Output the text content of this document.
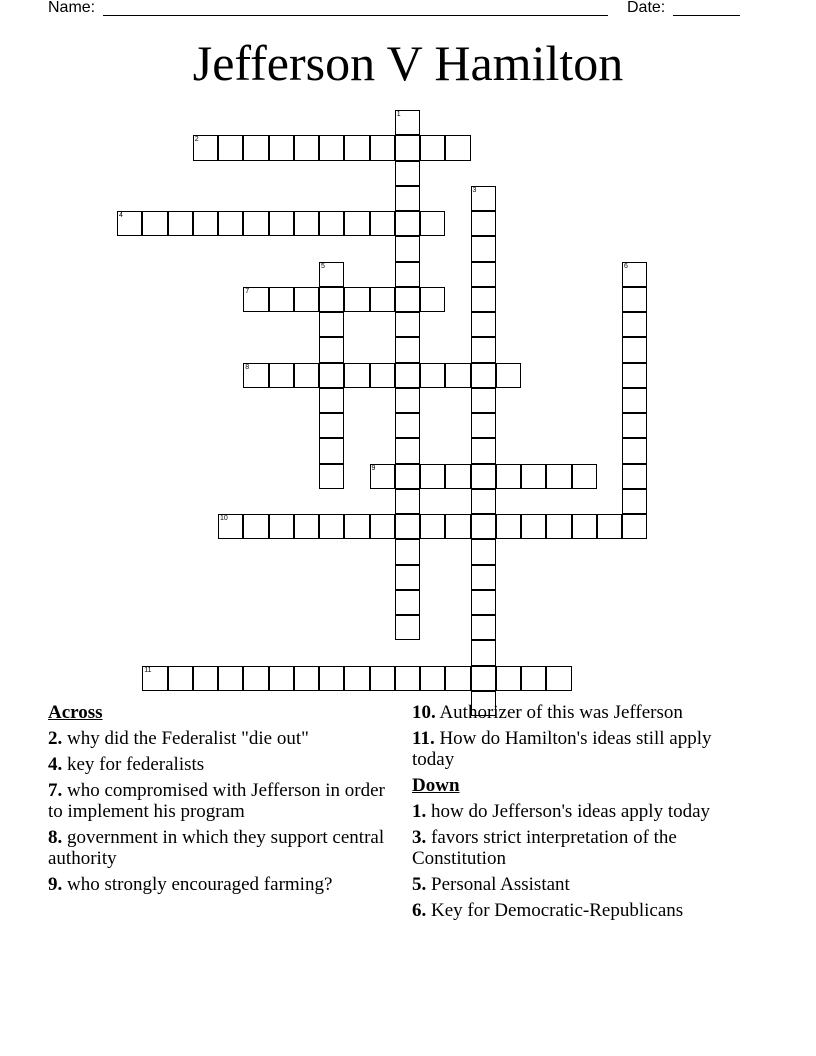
Name:	Date:
Jefferson V Hamilton
1
2
3
4
5	6
7
8
9
10
11
Across
2. why did the Federalist "die out"
4. key for federalists
7. who compromised with Jefferson in order to implement his program
8. government in which they support central authority
9. who strongly encouraged farming?
10. Authorizer of this was Jefferson
11. How do Hamilton's ideas still apply today
Down
1. how do Jefferson's ideas apply today
3. favors strict interpretation of the Constitution
5. Personal Assistant
6. Key for Democratic-Republicans
